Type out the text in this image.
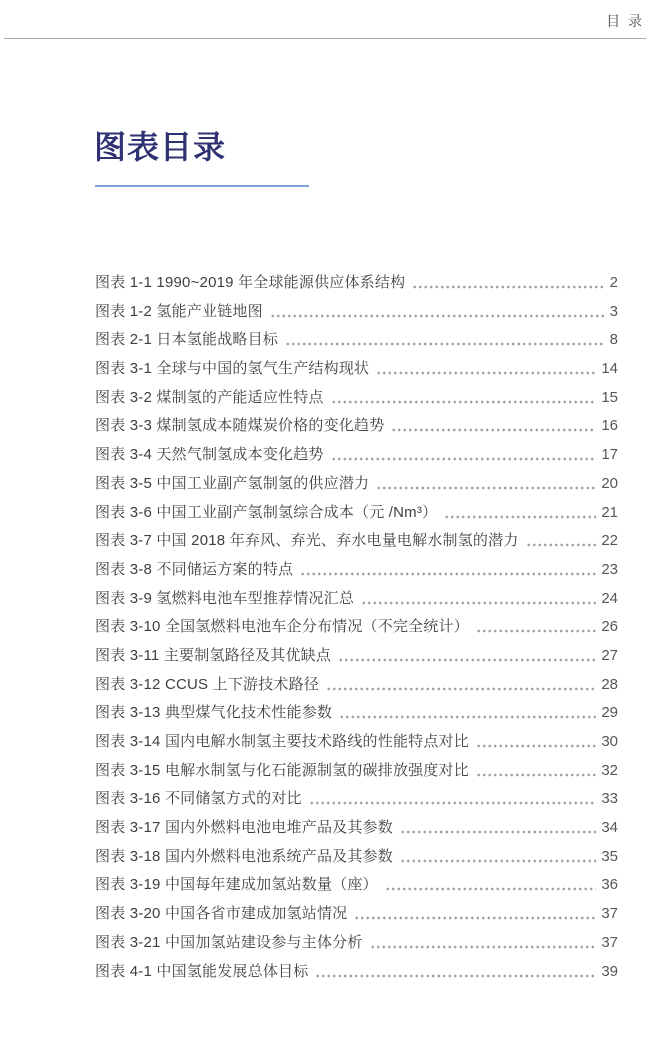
目 录
图表目录
图表 1-1 1990~2019 年全球能源供应体系结构	2
图表 1-2 氢能产业链地图	3
图表 2-1 日本氢能战略目标	8
图表 3-1 全球与中国的氢气生产结构现状	14
图表 3-2 煤制氢的产能适应性特点	15
图表 3-3 煤制氢成本随煤炭价格的变化趋势	16
图表 3-4 天然气制氢成本变化趋势	17
图表 3-5 中国工业副产氢制氢的供应潜力	20
图表 3-6 中国工业副产氢制氢综合成本（元 /Nm³）	21
图表 3-7 中国 2018 年弃风、弃光、弃水电量电解水制氢的潜力	22
图表 3-8 不同储运方案的特点	23
图表 3-9 氢燃料电池车型推荐情况汇总	24
图表 3-10 全国氢燃料电池车企分布情况（不完全统计）	26
图表 3-11 主要制氢路径及其优缺点	27
图表 3-12 CCUS 上下游技术路径	28
图表 3-13 典型煤气化技术性能参数	29
图表 3-14 国内电解水制氢主要技术路线的性能特点对比	30
图表 3-15 电解水制氢与化石能源制氢的碳排放强度对比	32
图表 3-16 不同储氢方式的对比	33
图表 3-17 国内外燃料电池电堆产品及其参数	34
图表 3-18 国内外燃料电池系统产品及其参数	35
图表 3-19 中国每年建成加氢站数量（座）	36
图表 3-20 中国各省市建成加氢站情况	37
图表 3-21 中国加氢站建设参与主体分析	37
图表 4-1 中国氢能发展总体目标	39
